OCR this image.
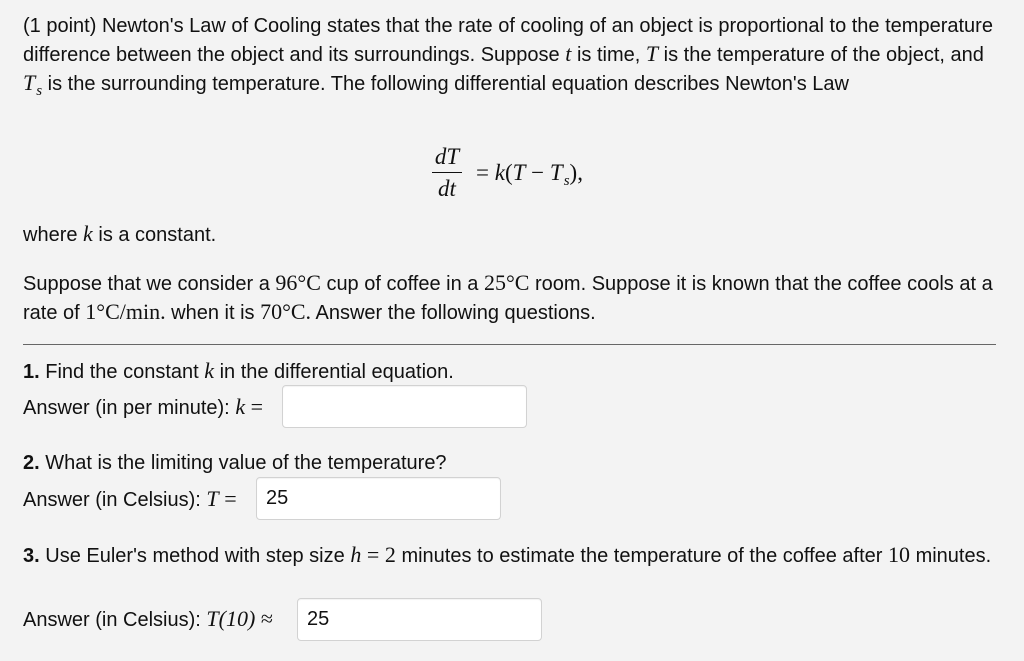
(1 point) Newton's Law of Cooling states that the rate of cooling of an object is proportional to the temperature difference between the object and its surroundings. Suppose t is time, T is the temperature of the object, and $T_s$ is the surrounding temperature. The following differential equation describes Newton's Law
dT
dt
= $k(T - T_s)$,
where k is a constant.
Suppose that we consider a 96°C cup of coffee in a 25°C room. Suppose it is known that the coffee cools at a rate of 1°C/min. when it is 70°C. Answer the following questions.
1. Find the constant k in the differential equation.
Answer (in per minute): k =
2. What is the limiting value of the temperature?
Answer (in Celsius): T =
25
3. Use Euler's method with step size h = 2 minutes to estimate the temperature of the coffee after 10 minutes.
Answer (in Celsius): T(10) ≈
25
